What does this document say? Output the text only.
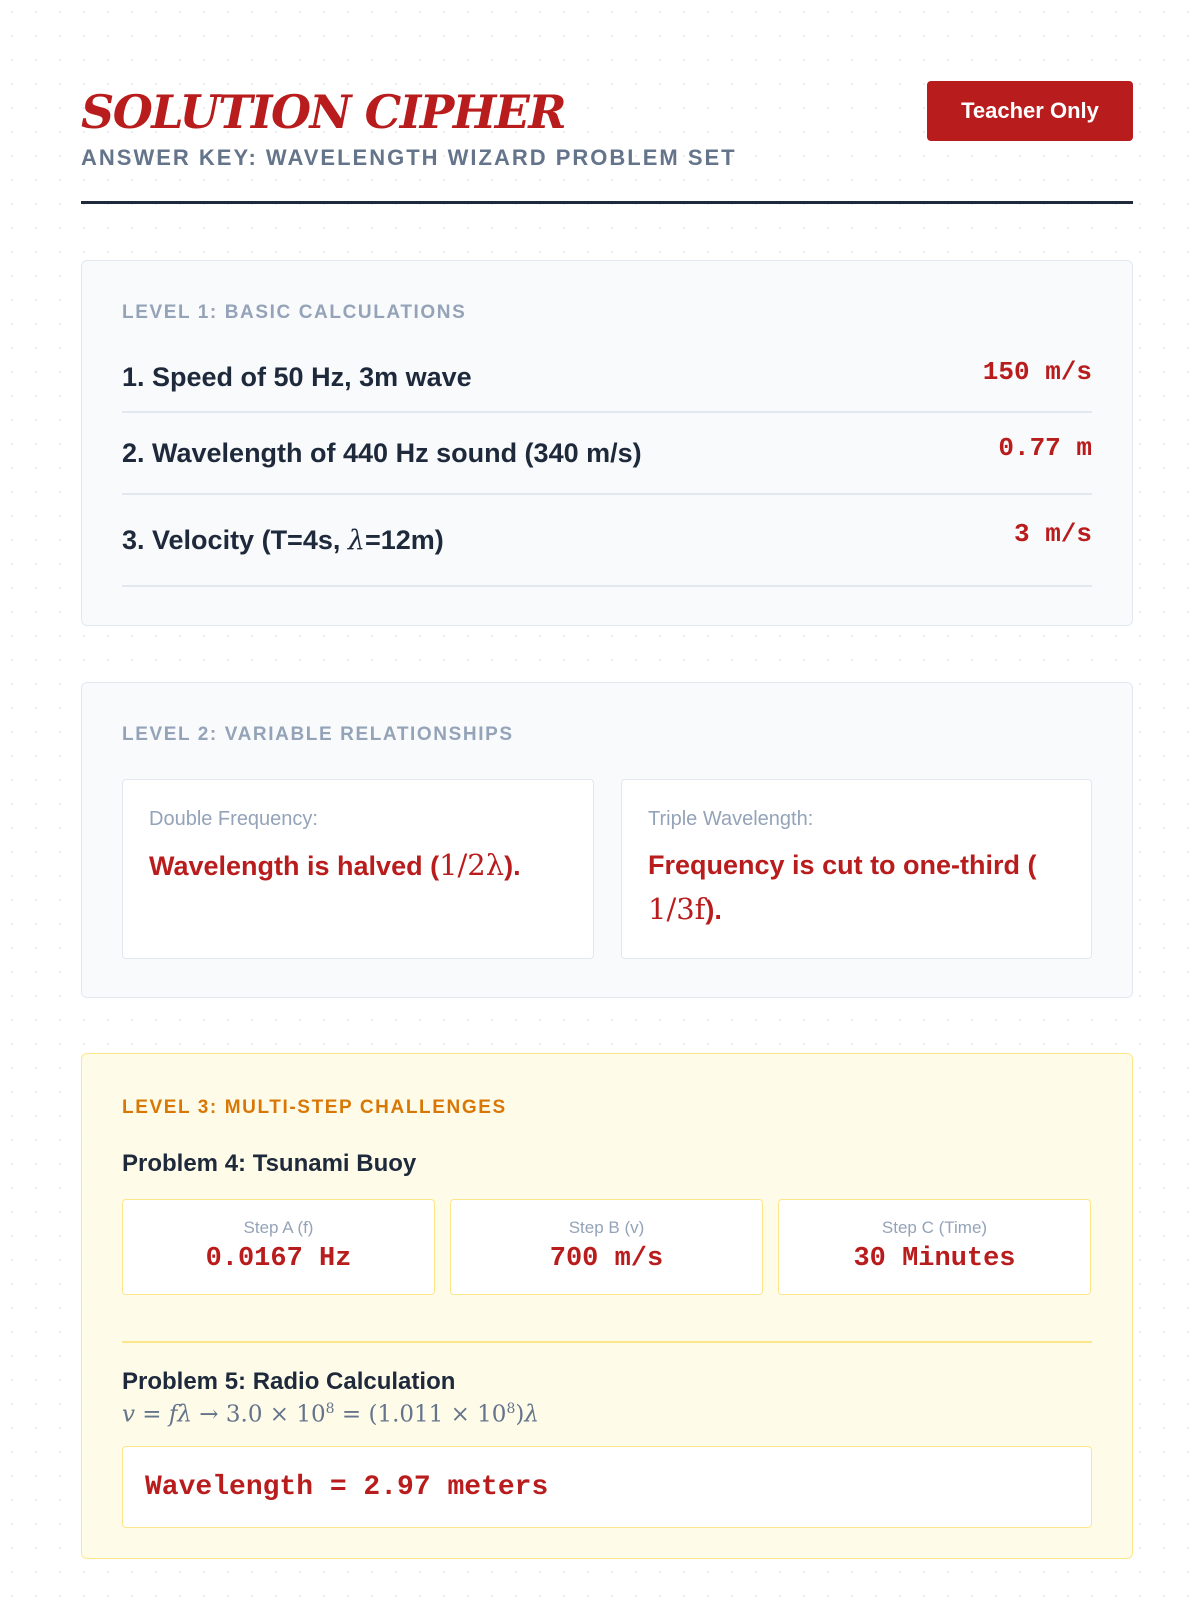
SOLUTION CIPHER
ANSWER KEY: WAVELENGTH WIZARD PROBLEM SET
Teacher Only
LEVEL 1: BASIC CALCULATIONS
1. Speed of 50 Hz, 3m wave	150 m/s
2. Wavelength of 440 Hz sound (340 m/s)	0.77 m
3. Velocity (T=4s, λ=12m)	3 m/s
LEVEL 2: VARIABLE RELATIONSHIPS
Double Frequency:
Wavelength is halved (1/2λ).
Triple Wavelength:
Frequency is cut to one-third (
1/3f).
LEVEL 3: MULTI-STEP CHALLENGES
Problem 4: Tsunami Buoy
Step A (f)
0.0167 Hz
Step B (v)
700 m/s
Step C (Time)
30 Minutes
Problem 5: Radio Calculation
$v = f\lambda \to 3.0 \times 10^8 = (1.011 \times 10^8)\lambda$
Wavelength = 2.97 meters
